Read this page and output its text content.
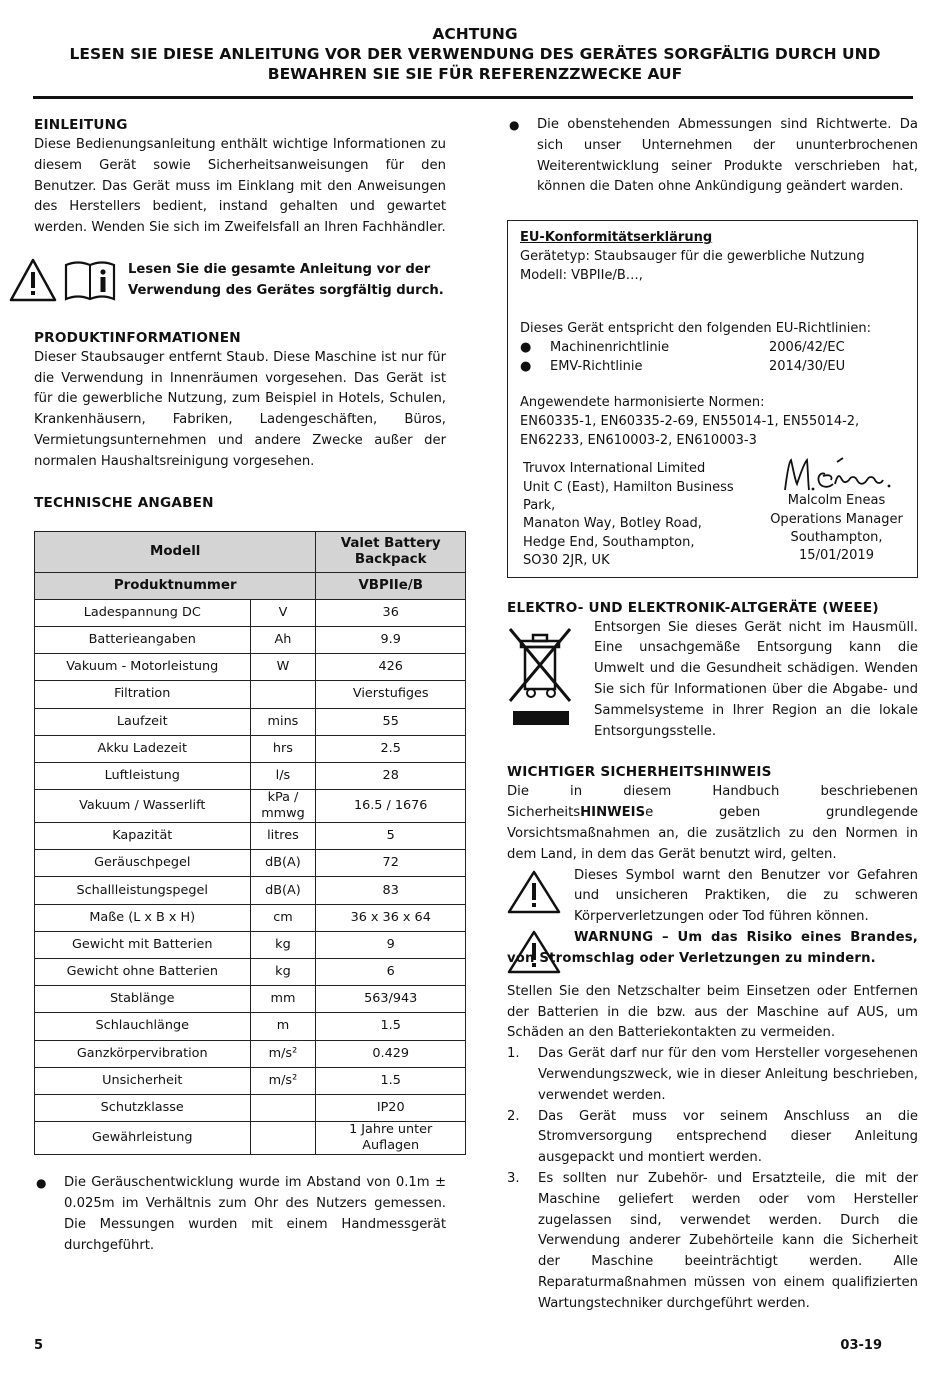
ACHTUNG
LESEN SIE DIESE ANLEITUNG VOR DER VERWENDUNG DES GERÄTES SORGFÄLTIG DURCH UND
BEWAHREN SIE SIE FÜR REFERENZZWECKE AUF
EINLEITUNG

Diese Bedienungsanleitung enthält wichtige Informationen zu diesem Gerät sowie Sicherheitsanweisungen für den Benutzer. Das Gerät muss im Einklang mit den Anweisungen des Herstellers bedient, instand gehalten und gewartet werden. Wenden Sie sich im Zweifelsfall an Ihren Fachhändler.

Lesen Sie die gesamte Anleitung vor der
Verwendung des Gerätes sorgfältig durch.
PRODUKTINFORMATIONEN

Dieser Staubsauger entfernt Staub. Diese Maschine ist nur für die Verwendung in Innenräumen vorgesehen. Das Gerät ist für die gewerbliche Nutzung, zum Beispiel in Hotels, Schulen, Krankenhäusern, Fabriken, Ladengeschäften, Büros, Vermietungsunternehmen und andere Zwecke außer der normalen Haushaltsreinigung vorgesehen.

TECHNISCHE ANGABEN
Modell		Valet Battery
Backpack
Produktnummer		VBPIIe/B
Ladespannung DC	V	36
Batterieangaben	Ah	9.9
Vakuum - Motorleistung	W	426
Filtration		Vierstufiges
Laufzeit	mins	55
Akku Ladezeit	hrs	2.5
Luftleistung	l/s	28
Vakuum / Wasserlift	kPa / mmwg	16.5 / 1676
Kapazität	litres	5
Geräuschpegel	dB(A)	72
Schallleistungspegel	dB(A)	83
Maße (L x B x H)	cm	36 x 36 x 64
Gewicht mit Batterien	kg	9
Gewicht ohne Batterien	kg	6
Stablänge	mm	563/943
Schlauchlänge	m	1.5
Ganzkörpervibration	m/s²	0.429
Unsicherheit	m/s²	1.5
Schutzklasse		IP20
Gewährleistung		1 Jahre unter Auflagen
●	Die Geräuschentwicklung wurde im Abstand von 0.1m ± 0.025m im Verhältnis zum Ohr des Nutzers gemessen. Die Messungen wurden mit einem Handmessgerät durchgeführt.
●	Die obenstehenden Abmessungen sind Richtwerte. Da sich unser Unternehmen der ununterbrochenen Weiterentwicklung seiner Produkte verschrieben hat, können die Daten ohne Ankündigung geändert warden.
EU-Konformitätserklärung
Gerätetyp: Staubsauger für die gewerbliche Nutzung
Modell: VBPIIe/B…,
Dieses Gerät entspricht den folgenden EU-Richtlinien:
●	Machinenrichtlinie	2006/42/EC
●	EMV-Richtlinie	2014/30/EU
Angewendete harmonisierte Normen:
EN60335-1, EN60335-2-69, EN55014-1, EN55014-2,
EN62233, EN610003-2, EN610003-3
Truvox International Limited
Unit C (East), Hamilton Business Park,
Manaton Way, Botley Road,
Hedge End, Southampton,
SO30 2JR, UK
Malcolm Eneas
Operations Manager
Southampton, 15/01/2019
ELEKTRO- UND ELEKTRONIK-ALTGERÄTE (WEEE)

Entsorgen Sie dieses Gerät nicht im Hausmüll. Eine unsachgemäße Entsorgung kann die Umwelt und die Gesundheit schädigen. Wenden Sie sich für Informationen über die Abgabe- und Sammelsysteme in Ihrer Region an die lokale Entsorgungsstelle.

WICHTIGER SICHERHEITSHINWEIS

Die in diesem Handbuch beschriebenen SicherheitsHINWEISe geben grundlegende Vorsichtsmaßnahmen an, die zusätzlich zu den Normen in dem Land, in dem das Gerät benutzt wird, gelten.

Dieses Symbol warnt den Benutzer vor Gefahren und unsicheren Praktiken, die zu schweren Körperverletzungen oder Tod führen können.

WARNUNG – Um das Risiko eines Brandes, von Stromschlag oder Verletzungen zu mindern.

Stellen Sie den Netzschalter beim Einsetzen oder Entfernen der Batterien in die bzw. aus der Maschine auf AUS, um Schäden an den Batteriekontakten zu vermeiden.

1.	Das Gerät darf nur für den vom Hersteller vorgesehenen Verwendungszweck, wie in dieser Anleitung beschrieben, verwendet werden.
2.	Das Gerät muss vor seinem Anschluss an die Stromversorgung entsprechend dieser Anleitung ausgepackt und montiert werden.
3.	Es sollten nur Zubehör- und Ersatzteile, die mit der Maschine geliefert werden oder vom Hersteller zugelassen sind, verwendet werden. Durch die Verwendung anderer Zubehörteile kann die Sicherheit der Maschine beeinträchtigt werden. Alle Reparaturmaßnahmen müssen von einem qualifizierten Wartungstechniker durchgeführt werden.
5	03-19
